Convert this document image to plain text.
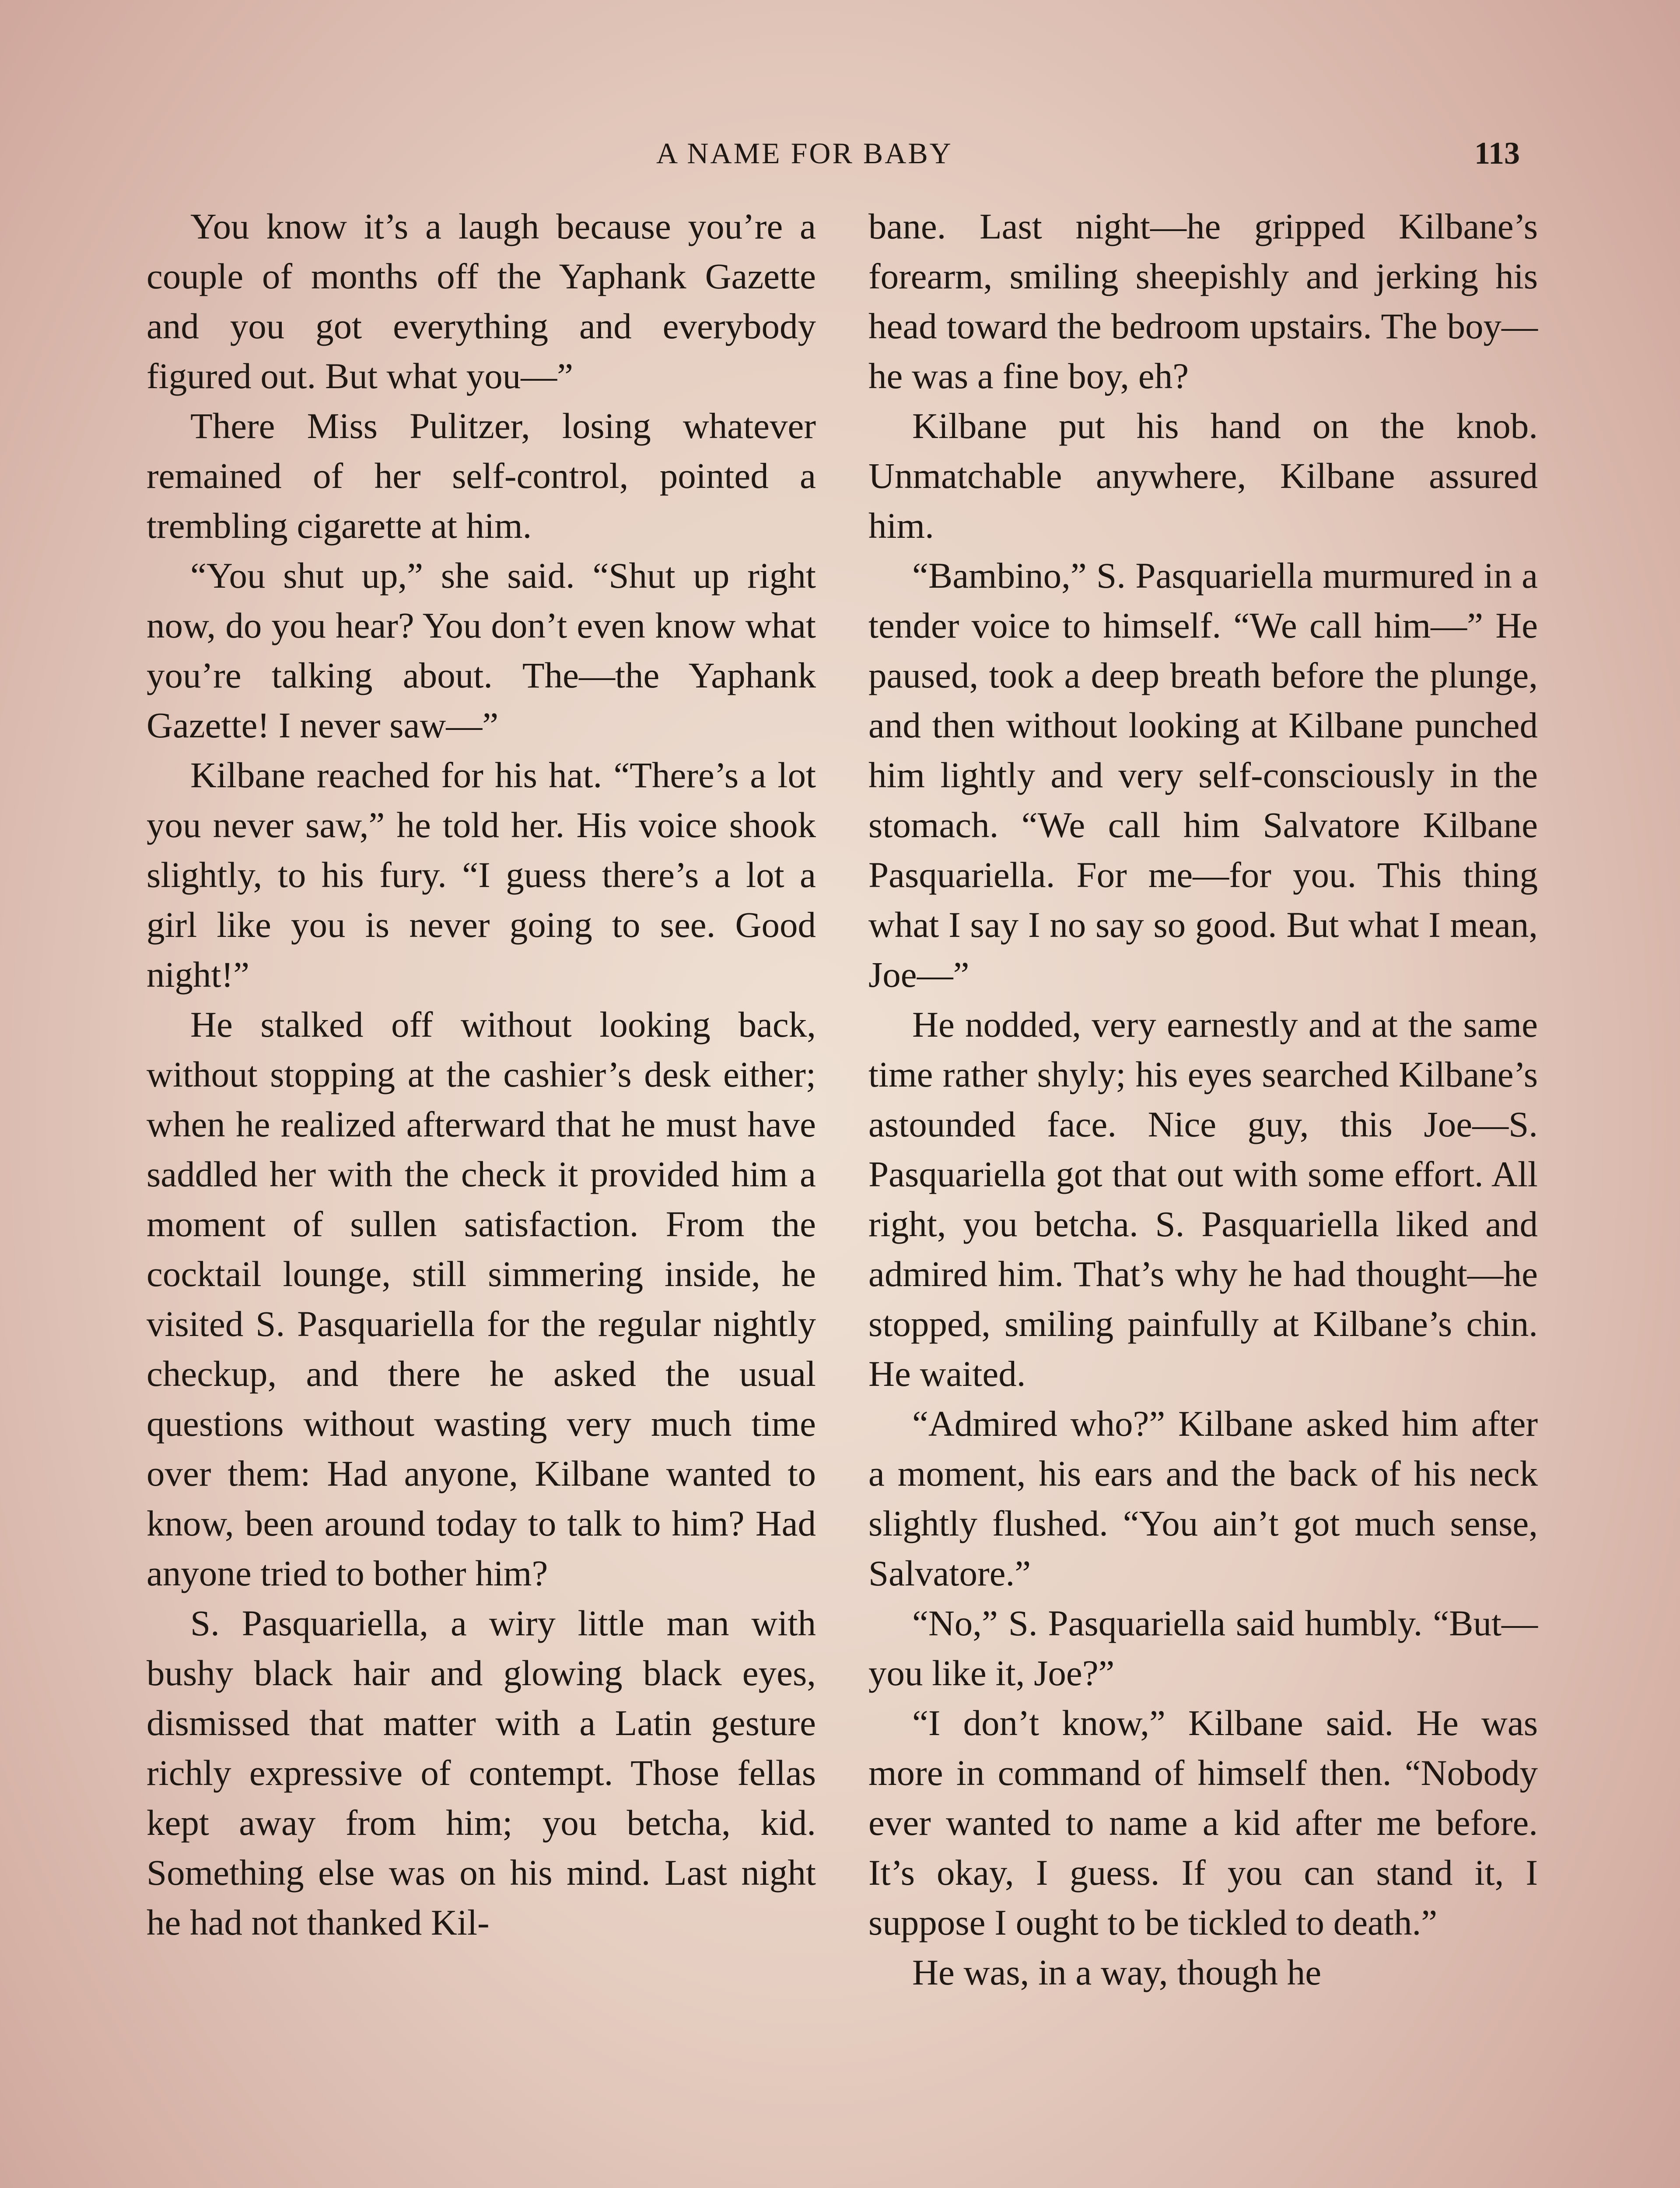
A NAME FOR BABY	113

You know it’s a laugh because you’re a couple of months off the Yaphank Gazette and you got everything and everybody figured out. But what you—”

There Miss Pulitzer, losing whatever remained of her self-control, pointed a trembling cigarette at him.

“You shut up,” she said. “Shut up right now, do you hear? You don’t even know what you’re talking about. The—the Yaphank Gazette! I never saw—”

Kilbane reached for his hat. “There’s a lot you never saw,” he told her. His voice shook slightly, to his fury. “I guess there’s a lot a girl like you is never going to see. Good night!”

He stalked off without looking back, without stopping at the cashier’s desk either; when he realized afterward that he must have saddled her with the check it provided him a moment of sullen satisfaction. From the cocktail lounge, still simmering inside, he visited S. Pasquariella for the regular nightly checkup, and there he asked the usual questions without wasting very much time over them: Had anyone, Kilbane wanted to know, been around today to talk to him? Had anyone tried to bother him?

S. Pasquariella, a wiry little man with bushy black hair and glowing black eyes, dismissed that matter with a Latin gesture richly expressive of contempt. Those fellas kept away from him; you betcha, kid. Something else was on his mind. Last night he had not thanked Kil-

bane. Last night—he gripped Kilbane’s forearm, smiling sheepishly and jerking his head toward the bedroom upstairs. The boy—he was a fine boy, eh?

Kilbane put his hand on the knob. Unmatchable anywhere, Kilbane assured him.

“Bambino,” S. Pasquariella murmured in a tender voice to himself. “We call him—” He paused, took a deep breath before the plunge, and then without looking at Kilbane punched him lightly and very self-consciously in the stomach. “We call him Salvatore Kilbane Pasquariella. For me—for you. This thing what I say I no say so good. But what I mean, Joe—”

He nodded, very earnestly and at the same time rather shyly; his eyes searched Kilbane’s astounded face. Nice guy, this Joe—S. Pasquariella got that out with some effort. All right, you betcha. S. Pasquariella liked and admired him. That’s why he had thought—he stopped, smiling painfully at Kilbane’s chin. He waited.

“Admired who?” Kilbane asked him after a moment, his ears and the back of his neck slightly flushed. “You ain’t got much sense, Salvatore.”

“No,” S. Pasquariella said humbly. “But—you like it, Joe?”

“I don’t know,” Kilbane said. He was more in command of himself then. “Nobody ever wanted to name a kid after me before. It’s okay, I guess. If you can stand it, I suppose I ought to be tickled to death.”

He was, in a way, though he
